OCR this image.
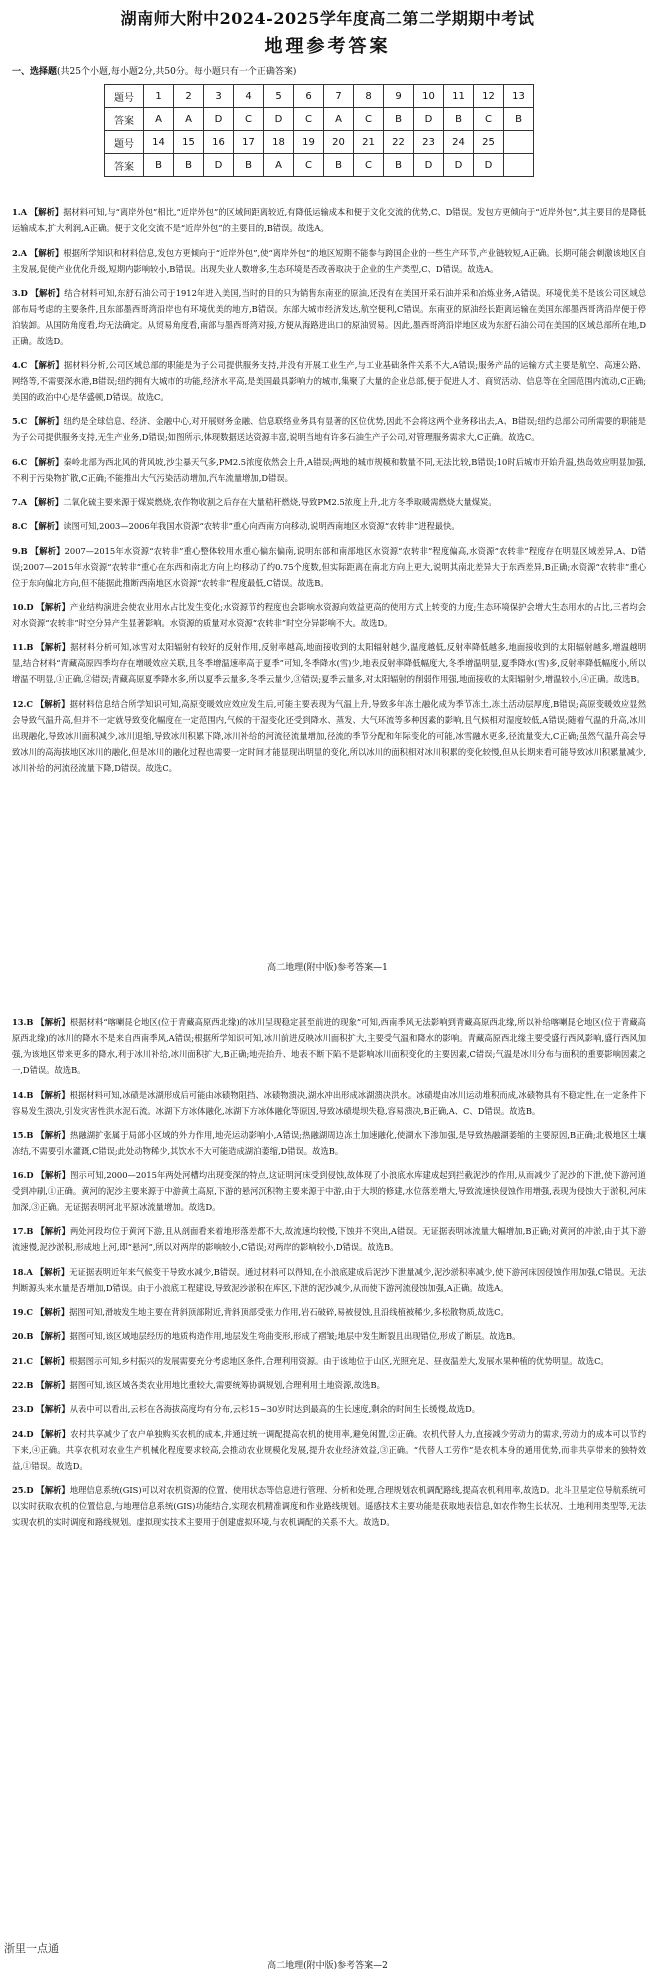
湖南师大附中2024-2025学年度高二第二学期期中考试
地理参考答案
一、选择题(共25个小题,每小题2分,共50分。每小题只有一个正确答案)
题号	1	2	3	4	5	6	7	8	9	10	11	12	13
答案	A	A	D	C	D	C	A	C	B	D	B	C	B
题号	14	15	16	17	18	19	20	21	22	23	24	25	
答案	B	B	D	B	A	C	B	C	B	D	D	D	

1.A 【解析】据材料可知,与“离岸外包”相比,“近岸外包”的区域间距离较近,有降低运输成本和便于文化交流的优势,C、D错误。发包方更倾向于“近岸外包”,其主要目的是降低运输成本,扩大利润,A正确。便于文化交流不是“近岸外包”的主要目的,B错误。故选A。

2.A 【解析】根据所学知识和材料信息,发包方更倾向于“近岸外包”,使“离岸外包”的地区短期不能参与跨国企业的一些生产环节,产业链较短,A正确。长期可能会刺激该地区自主发展,促使产业优化升级,短期内影响较小,B错误。出现失业人数增多,生态环境是否改善取决于企业的生产类型,C、D错误。故选A。

3.D 【解析】结合材料可知,东舒石油公司于1912年进入美国,当时的目的只为销售东南亚的原油,还没有在美国开采石油并采和冶炼业务,A错误。环境优美不是该公司区域总部布局考虑的主要条件,且东部墨西哥湾沿岸也有环境优美的地方,B错误。东部大城市经济发达,航空便利,C错误。东南亚的原油经长距离运输在美国东部墨西哥湾沿岸便于停泊装卸。从国防角度看,均无法确定。从贸易角度看,南部与墨西哥湾对接,方便从海路进出口的原油贸易。因此,墨西哥湾沿岸地区成为东舒石油公司在美国的区域总部所在地,D正确。故选D。

4.C 【解析】据材料分析,公司区域总部的职能是为子公司提供服务支持,并没有开展工业生产,与工业基础条件关系不大,A错误;服务产品的运输方式主要是航空、高速公路、网络等,不需要深水港,B错误;纽约拥有大城市的功能,经济水平高,是美国最具影响力的城市,集聚了大量的企业总部,便于促进人才、商贸活动、信息等在全国范围内流动,C正确;美国的政治中心是华盛顿,D错误。故选C。

5.C 【解析】纽约是全球信息、经济、金融中心,对开展财务金融、信息联络业务具有显著的区位优势,因此不会将这两个业务移出去,A、B错误;纽约总部公司所需要的职能是为子公司提供服务支持,无生产业务,D错误;如图所示,体现数据送达资源丰富,说明当地有许多石油生产子公司,对管理服务需求大,C正确。故选C。

6.C 【解析】秦岭北部为西北风的背风坡,沙尘暴天气多,PM2.5浓度依然会上升,A错误;两地的城市规模和数量不同,无法比较,B错误;10时后城市开始升温,热岛效应明显加强,不利于污染物扩散,C正确;不能推出大气污染活动增加,汽车流量增加,D错误。

7.A 【解析】二氧化硫主要来源于煤炭燃烧,农作物收割之后存在大量秸秆燃烧,导致PM2.5浓度上升,北方冬季取暖需燃烧大量煤炭。

8.C 【解析】读图可知,2003—2006年我国水资源“农转非”重心向西南方向移动,说明西南地区水资源“农转非”进程最快。

9.B 【解析】2007—2015年水资源“农转非”重心整体较用水重心偏东偏南,说明东部和南部地区水资源“农转非”程度偏高,水资源“农转非”程度存在明显区域差异,A、D错误;2007—2015年水资源“农转非”重心在东西和南北方向上均移动了约0.75个度数,但实际距离在南北方向上更大,说明其南北差异大于东西差异,B正确;水资源“农转非”重心位于东向偏北方向,但不能据此推断西南地区水资源“农转非”程度最低,C错误。故选B。

10.D 【解析】产业结构演进会使农业用水占比发生变化;水资源节约程度也会影响水资源向效益更高的使用方式上转变的力度;生态环境保护会增大生态用水的占比,三者均会对水资源“农转非”时空分异产生显著影响。水资源的质量对水资源“农转非”时空分异影响不大。故选D。

11.B 【解析】据材料分析可知,冰雪对太阳辐射有较好的反射作用,反射率越高,地面接收到的太阳辐射越少,温度越低,反射率降低越多,地面接收到的太阳辐射越多,增温越明显,结合材料“青藏高原四季均存在增暖效应关联,且冬季增温速率高于夏季”可知,冬季降水(雪)少,地表反射率降低幅度大,冬季增温明显,夏季降水(雪)多,反射率降低幅度小,所以增温不明显,①正确,②错误;青藏高原夏季降水多,所以夏季云量多,冬季云量少,③错误;夏季云量多,对太阳辐射的削弱作用强,地面接收的太阳辐射少,增温较小,④正确。故选B。

12.C 【解析】据材料信息结合所学知识可知,高原变暖效应效应发生后,可能主要表现为气温上升,导致多年冻土融化成为季节冻土,冻土活动层厚度,B错误;高原变暖效应显然会导致气温升高,但并不一定就导致变化幅度在一定范围内,气候的干湿变化还受到降水、蒸发、大气环流等多种因素的影响,且气候相对湿度较低,A错误;随着气温的升高,冰川出现融化,导致冰川面积减少,冰川退缩,导致冰川积累下降,冰川补给的河流径流量增加,径流的季节分配和年际变化的可能,冰雪融水更多,径流量变大,C正确;虽然气温升高会导致冰川的高海拔地区冰川的融化,但是冰川的融化过程也需要一定时间才能显现出明显的变化,所以冰川的面积相对冰川积累的变化较慢,但从长期来看可能导致冰川积累量减少,冰川补给的河流径流量下降,D错误。故选C。

高二地理(附中版)参考答案—1

13.B 【解析】根据材料“喀喇昆仑地区(位于青藏高原西北缘)的冰川呈现稳定甚至前进的现象”可知,西南季风无法影响到青藏高原西北缘,所以补给喀喇昆仑地区(位于青藏高原西北缘)的冰川的降水不是来自西南季风,A错误;根据所学知识可知,冰川前进反映冰川面积扩大,主要受气温和降水的影响。青藏高原西北缘主要受盛行西风影响,盛行西风加强,为该地区带来更多的降水,利于冰川补给,冰川面积扩大,B正确;地壳抬升、地表不断下陷不是影响冰川面积变化的主要因素,C错误;气温是冰川分布与面积的重要影响因素之一,D错误。故选B。

14.B 【解析】根据材料可知,冰碛是冰湖形成后可能由冰碛物阻挡、冰碛物溃决,湖水冲出形成冰湖溃决洪水。冰碛堤由冰川运动堆积而成,冰碛物具有不稳定性,在一定条件下容易发生溃决,引发灾害性洪水泥石流。冰湖下方冰体融化,冰湖下方冰体融化等原因,导致冰碛堤坝失稳,容易溃决,B正确,A、C、D错误。故选B。

15.B 【解析】热融湖扩张属于局部小区域的外力作用,地壳运动影响小,A错误;热融湖周边冻土加速融化,使湖水下渗加强,是导致热融湖萎缩的主要原因,B正确;北极地区土壤冻结,不需要引水灌溉,C错误;此处动物稀少,其饮水不大可能造成湖泊萎缩,D错误。故选B。

16.D 【解析】图示可知,2000—2015年两处河槽均出现变深的特点,这证明河床受到侵蚀,故体现了小浪底水库建成起到拦截泥沙的作用,从而减少了泥沙的下泄,使下游河道受到冲刷,①正确。黄河的泥沙主要来源于中游黄土高原,下游的悬河沉积物主要来源于中游,由于大坝的修建,水位落差增大,导致流速快侵蚀作用增强,表现为侵蚀大于淤积,河床加深,③正确。无证据表明河北平原冰流量增加。故选D。

17.B 【解析】两处河段均位于黄河下游,且从剖面看来着地形落差都不大,故流速均较慢,下蚀并不突出,A错误。无证据表明冰流量大幅增加,B正确;对黄河的冲淤,由于其下游流速慢,泥沙淤积,形成地上河,即“悬河”,所以对两岸的影响较小,C错误;对两岸的影响较小,D错误。故选B。

18.A 【解析】无证据表明近年来气候变干导致水减少,B错误。通过材料可以得知,在小浪底建成后泥沙下泄量减少,泥沙淤积率减少,使下游河床因侵蚀作用加强,C错误。无法判断源头来水量是否增加,D错误。由于小浪底工程建设,导致泥沙淤积在库区,下泄的泥沙减少,从而使下游河流侵蚀加强,A正确。故选A。

19.C 【解析】据图可知,滑坡发生地主要在背斜顶部附近,背斜顶部受张力作用,岩石破碎,易被侵蚀,且沿线植被稀少,多松散物质,故选C。

20.B 【解析】据图可知,该区域地层经历的地质构造作用,地层发生弯曲变形,形成了褶皱;地层中发生断裂且出现错位,形成了断层。故选B。

21.C 【解析】根据图示可知,乡村振兴的发展需要充分考虑地区条件,合理利用资源。由于该地位于山区,光照充足、昼夜温差大,发展水果种植的优势明显。故选C。

22.B 【解析】据图可知,该区域各类农业用地比重较大,需要统筹协调规划,合理利用土地资源,故选B。

23.D 【解析】从表中可以看出,云杉在各海拔高度均有分布,云杉15~30岁时达到最高的生长速度,剩余的时间生长缓慢,故选D。

24.D 【解析】农村共享减少了农户单独购买农机的成本,并通过统一调配提高农机的使用率,避免闲置,②正确。农机代替人力,直接减少劳动力的需求,劳动力的成本可以节约下来,④正确。共享农机对农业生产机械化程度要求较高,会推动农业规模化发展,提升农业经济效益,③正确。“代替人工劳作”是农机本身的通用优势,而非共享带来的独特效益,①错误。故选D。

25.D 【解析】地理信息系统(GIS)可以对农机资源的位置、使用状态等信息进行管理、分析和处理,合理规划农机调配路线,提高农机利用率,故选D。北斗卫星定位导航系统可以实时获取农机的位置信息,与地理信息系统(GIS)功能结合,实现农机精准调度和作业路线规划。遥感技术主要功能是获取地表信息,如农作物生长状况、土地利用类型等,无法实现农机的实时调度和路线规划。虚拟现实技术主要用于创建虚拟环境,与农机调配的关系不大。故选D。

浙里一点通
高二地理(附中版)参考答案—2
